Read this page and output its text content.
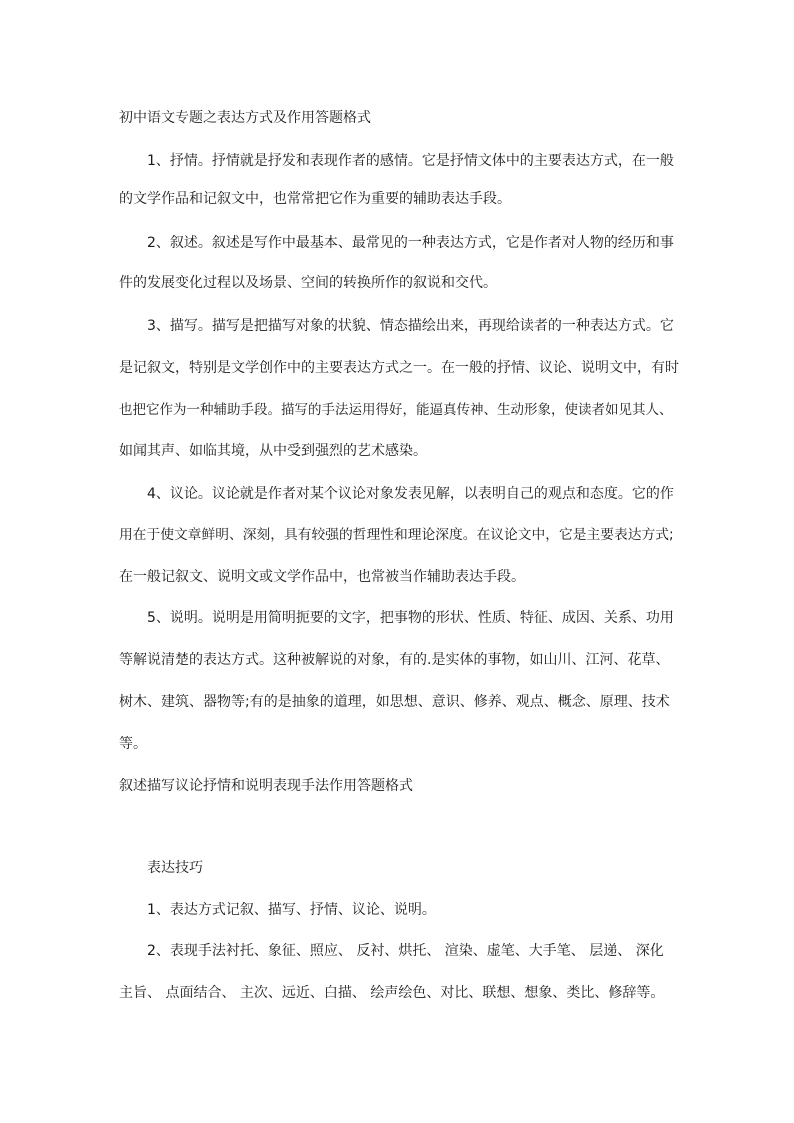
初中语文专题之表达方式及作用答题格式
1、抒情。抒情就是抒发和表现作者的感情。它是抒情文体中的主要表达方式，在一般
的文学作品和记叙文中，也常常把它作为重要的辅助表达手段。
2、叙述。叙述是写作中最基本、最常见的一种表达方式，它是作者对人物的经历和事
件的发展变化过程以及场景、空间的转换所作的叙说和交代。
3、描写。描写是把描写对象的状貌、情态描绘出来，再现给读者的一种表达方式。它
是记叙文，特别是文学创作中的主要表达方式之一。在一般的抒情、议论、说明文中，有时
也把它作为一种辅助手段。描写的手法运用得好，能逼真传神、生动形象，使读者如见其人、
如闻其声、如临其境，从中受到强烈的艺术感染。
4、议论。议论就是作者对某个议论对象发表见解，以表明自己的观点和态度。它的作
用在于使文章鲜明、深刻，具有较强的哲理性和理论深度。在议论文中，它是主要表达方式;
在一般记叙文、说明文或文学作品中，也常被当作辅助表达手段。
5、说明。说明是用简明扼要的文字，把事物的形状、性质、特征、成因、关系、功用
等解说清楚的表达方式。这种被解说的对象，有的.是实体的事物，如山川、江河、花草、
树木、建筑、器物等;有的是抽象的道理，如思想、意识、修养、观点、概念、原理、技术
等。
叙述描写议论抒情和说明表现手法作用答题格式
表达技巧
1、表达方式记叙、描写、抒情、议论、说明。
2、表现手法衬托、象征、照应、 反衬、烘托、 渲染、虚笔、大手笔、 层递、 深化
主旨、 点面结合、 主次、远近、白描、 绘声绘色、对比、联想、想象、类比、修辞等。
